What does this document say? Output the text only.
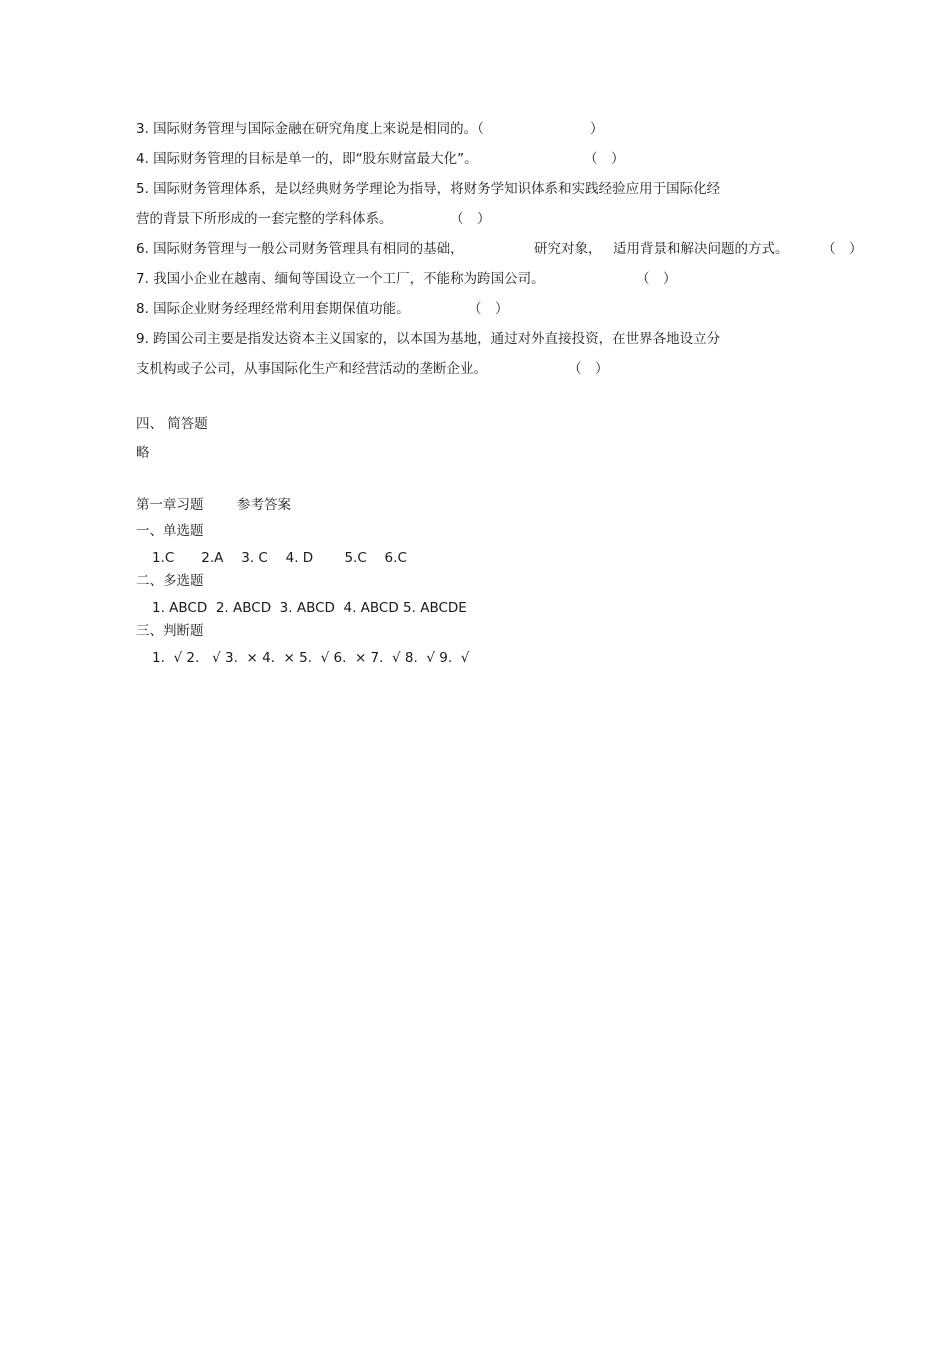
3. 国际财务管理与国际金融在研究角度上来说是相同的。（	）
4. 国际财务管理的目标是单一的，即“股东财富最大化”。	（　）
5. 国际财务管理体系，是以经典财务学理论为指导，将财务学知识体系和实践经验应用于国际化经
营的背景下所形成的一套完整的学科体系。	（　）
6. 国际财务管理与一般公司财务管理具有相同的基础，	研究对象， 适用背景和解决问题的方式。 （　）
7. 我国小企业在越南、缅甸等国设立一个工厂，不能称为跨国公司。	（　）
8. 国际企业财务经理经常利用套期保值功能。	（　）
9. 跨国公司主要是指发达资本主义国家的，以本国为基地，通过对外直接投资，在世界各地设立分
支机构或子公司，从事国际化生产和经营活动的垄断企业。	（　）
四、 简答题
略
第一章习题 参考答案
一、单选题
1.C　　2.A　 3. C　 4. D　　 5.C　 6.C
二、多选题
1. ABCD  2. ABCD  3. ABCD  4. ABCD 5. ABCDE
三、判断题
1.  √ 2.   √ 3.  × 4.  × 5.  √ 6.  × 7.  √ 8.  √ 9.  √
